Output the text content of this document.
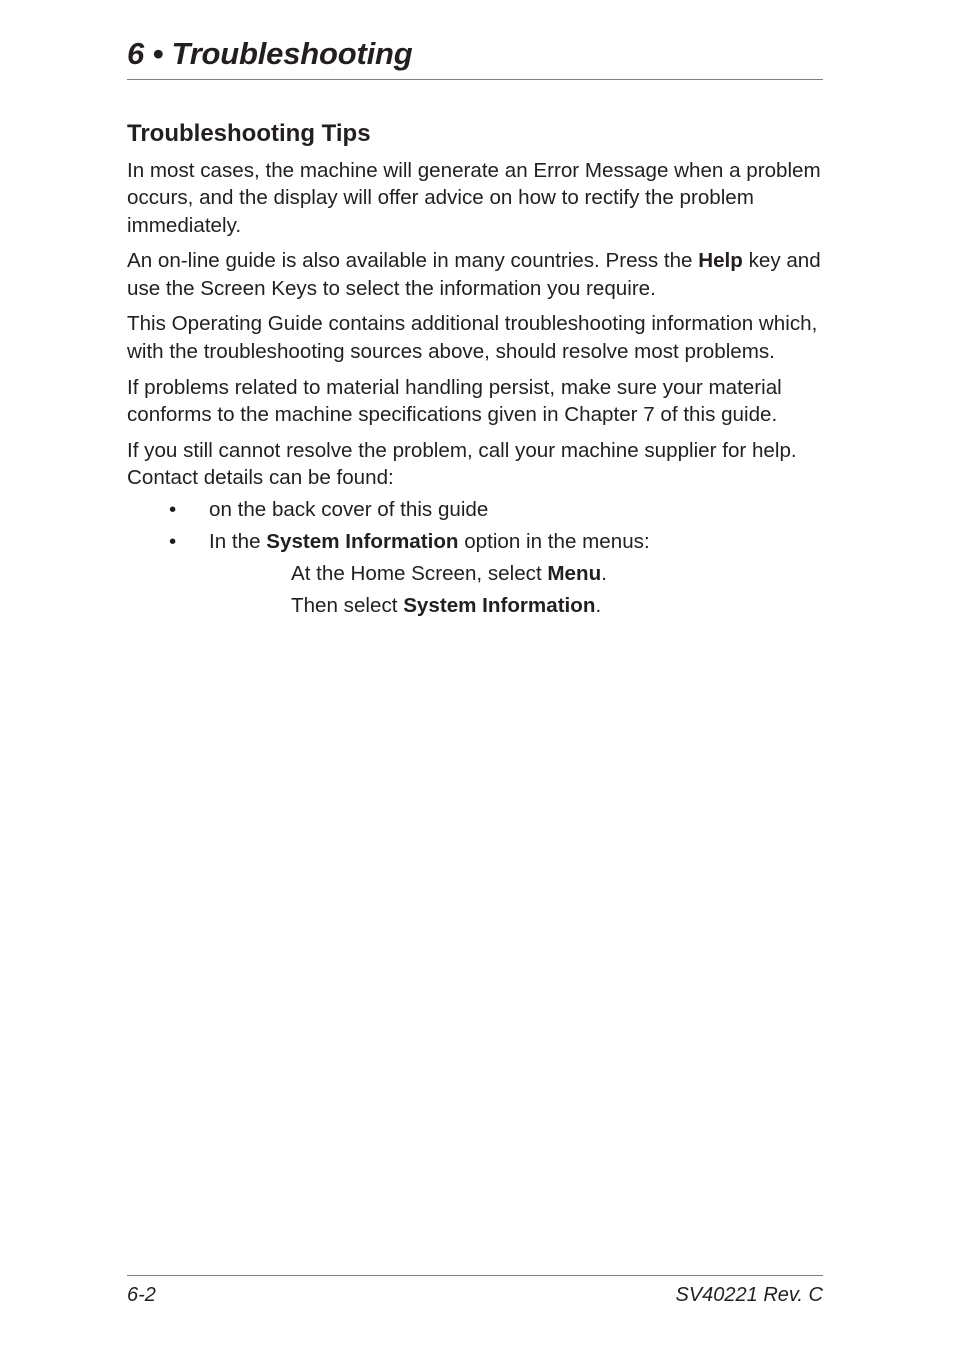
6 • Troubleshooting
Troubleshooting Tips

In most cases, the machine will generate an Error Message when a problem occurs, and the display will offer advice on how to rectify the problem immediately.

An on-line guide is also available in many countries. Press the Help key and use the Screen Keys to select the information you require.

This Operating Guide contains additional troubleshooting information which, with the troubleshooting sources above, should resolve most problems.

If problems related to material handling persist, make sure your material conforms to the machine specifications given in Chapter 7 of this guide.

If you still cannot resolve the problem, call your machine supplier for help. Contact details can be found:

• on the back cover of this guide
• In the System Information option in the menus:
At the Home Screen, select Menu.
Then select System Information.
6-2	SV40221 Rev. C
